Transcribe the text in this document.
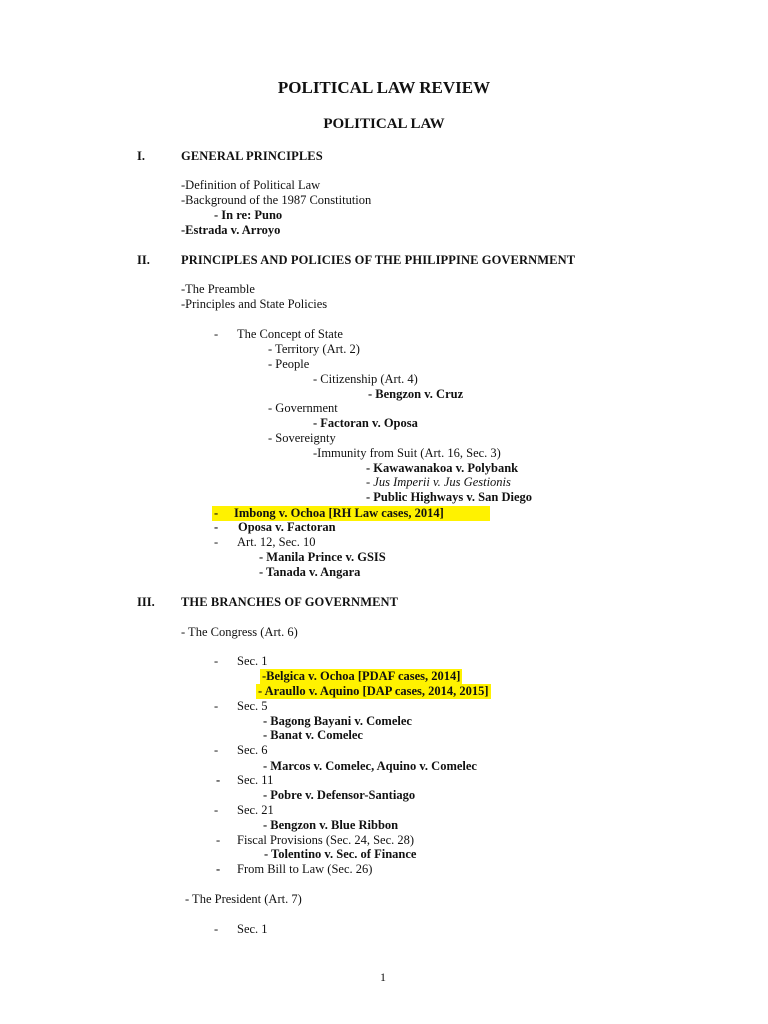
POLITICAL LAW REVIEW
POLITICAL LAW
I.	GENERAL PRINCIPLES
-Definition of Political Law
-Background of the 1987 Constitution
- In re: Puno
-Estrada v. Arroyo
II. PRINCIPLES AND POLICIES OF THE PHILIPPINE GOVERNMENT
-The Preamble
-Principles and State Policies
- The Concept of State
- Territory (Art. 2)
- People
- Citizenship (Art. 4)
- Bengzon v. Cruz
- Government
- Factoran v. Oposa
- Sovereignty
-Immunity from Suit (Art. 16, Sec. 3)
- Kawawanakoa v. Polybank
- Jus Imperii v. Jus Gestionis
- Public Highways v. San Diego
- Imbong v. Ochoa [RH Law cases, 2014]
- Oposa v. Factoran
- Art. 12, Sec. 10
- Manila Prince v. GSIS
- Tanada v. Angara
III. THE BRANCHES OF GOVERNMENT
- The Congress (Art. 6)
- Sec. 1
-Belgica v. Ochoa [PDAF cases, 2014]
- Araullo v. Aquino [DAP cases, 2014, 2015]
- Sec. 5
- Bagong Bayani v. Comelec
- Banat v. Comelec
- Sec. 6
- Marcos v. Comelec, Aquino v. Comelec
- Sec. 11
- Pobre v. Defensor-Santiago
- Sec. 21
- Bengzon v. Blue Ribbon
- Fiscal Provisions (Sec. 24, Sec. 28)
- Tolentino v. Sec. of Finance
- From Bill to Law (Sec. 26)
- The President (Art. 7)
- Sec. 1
1
